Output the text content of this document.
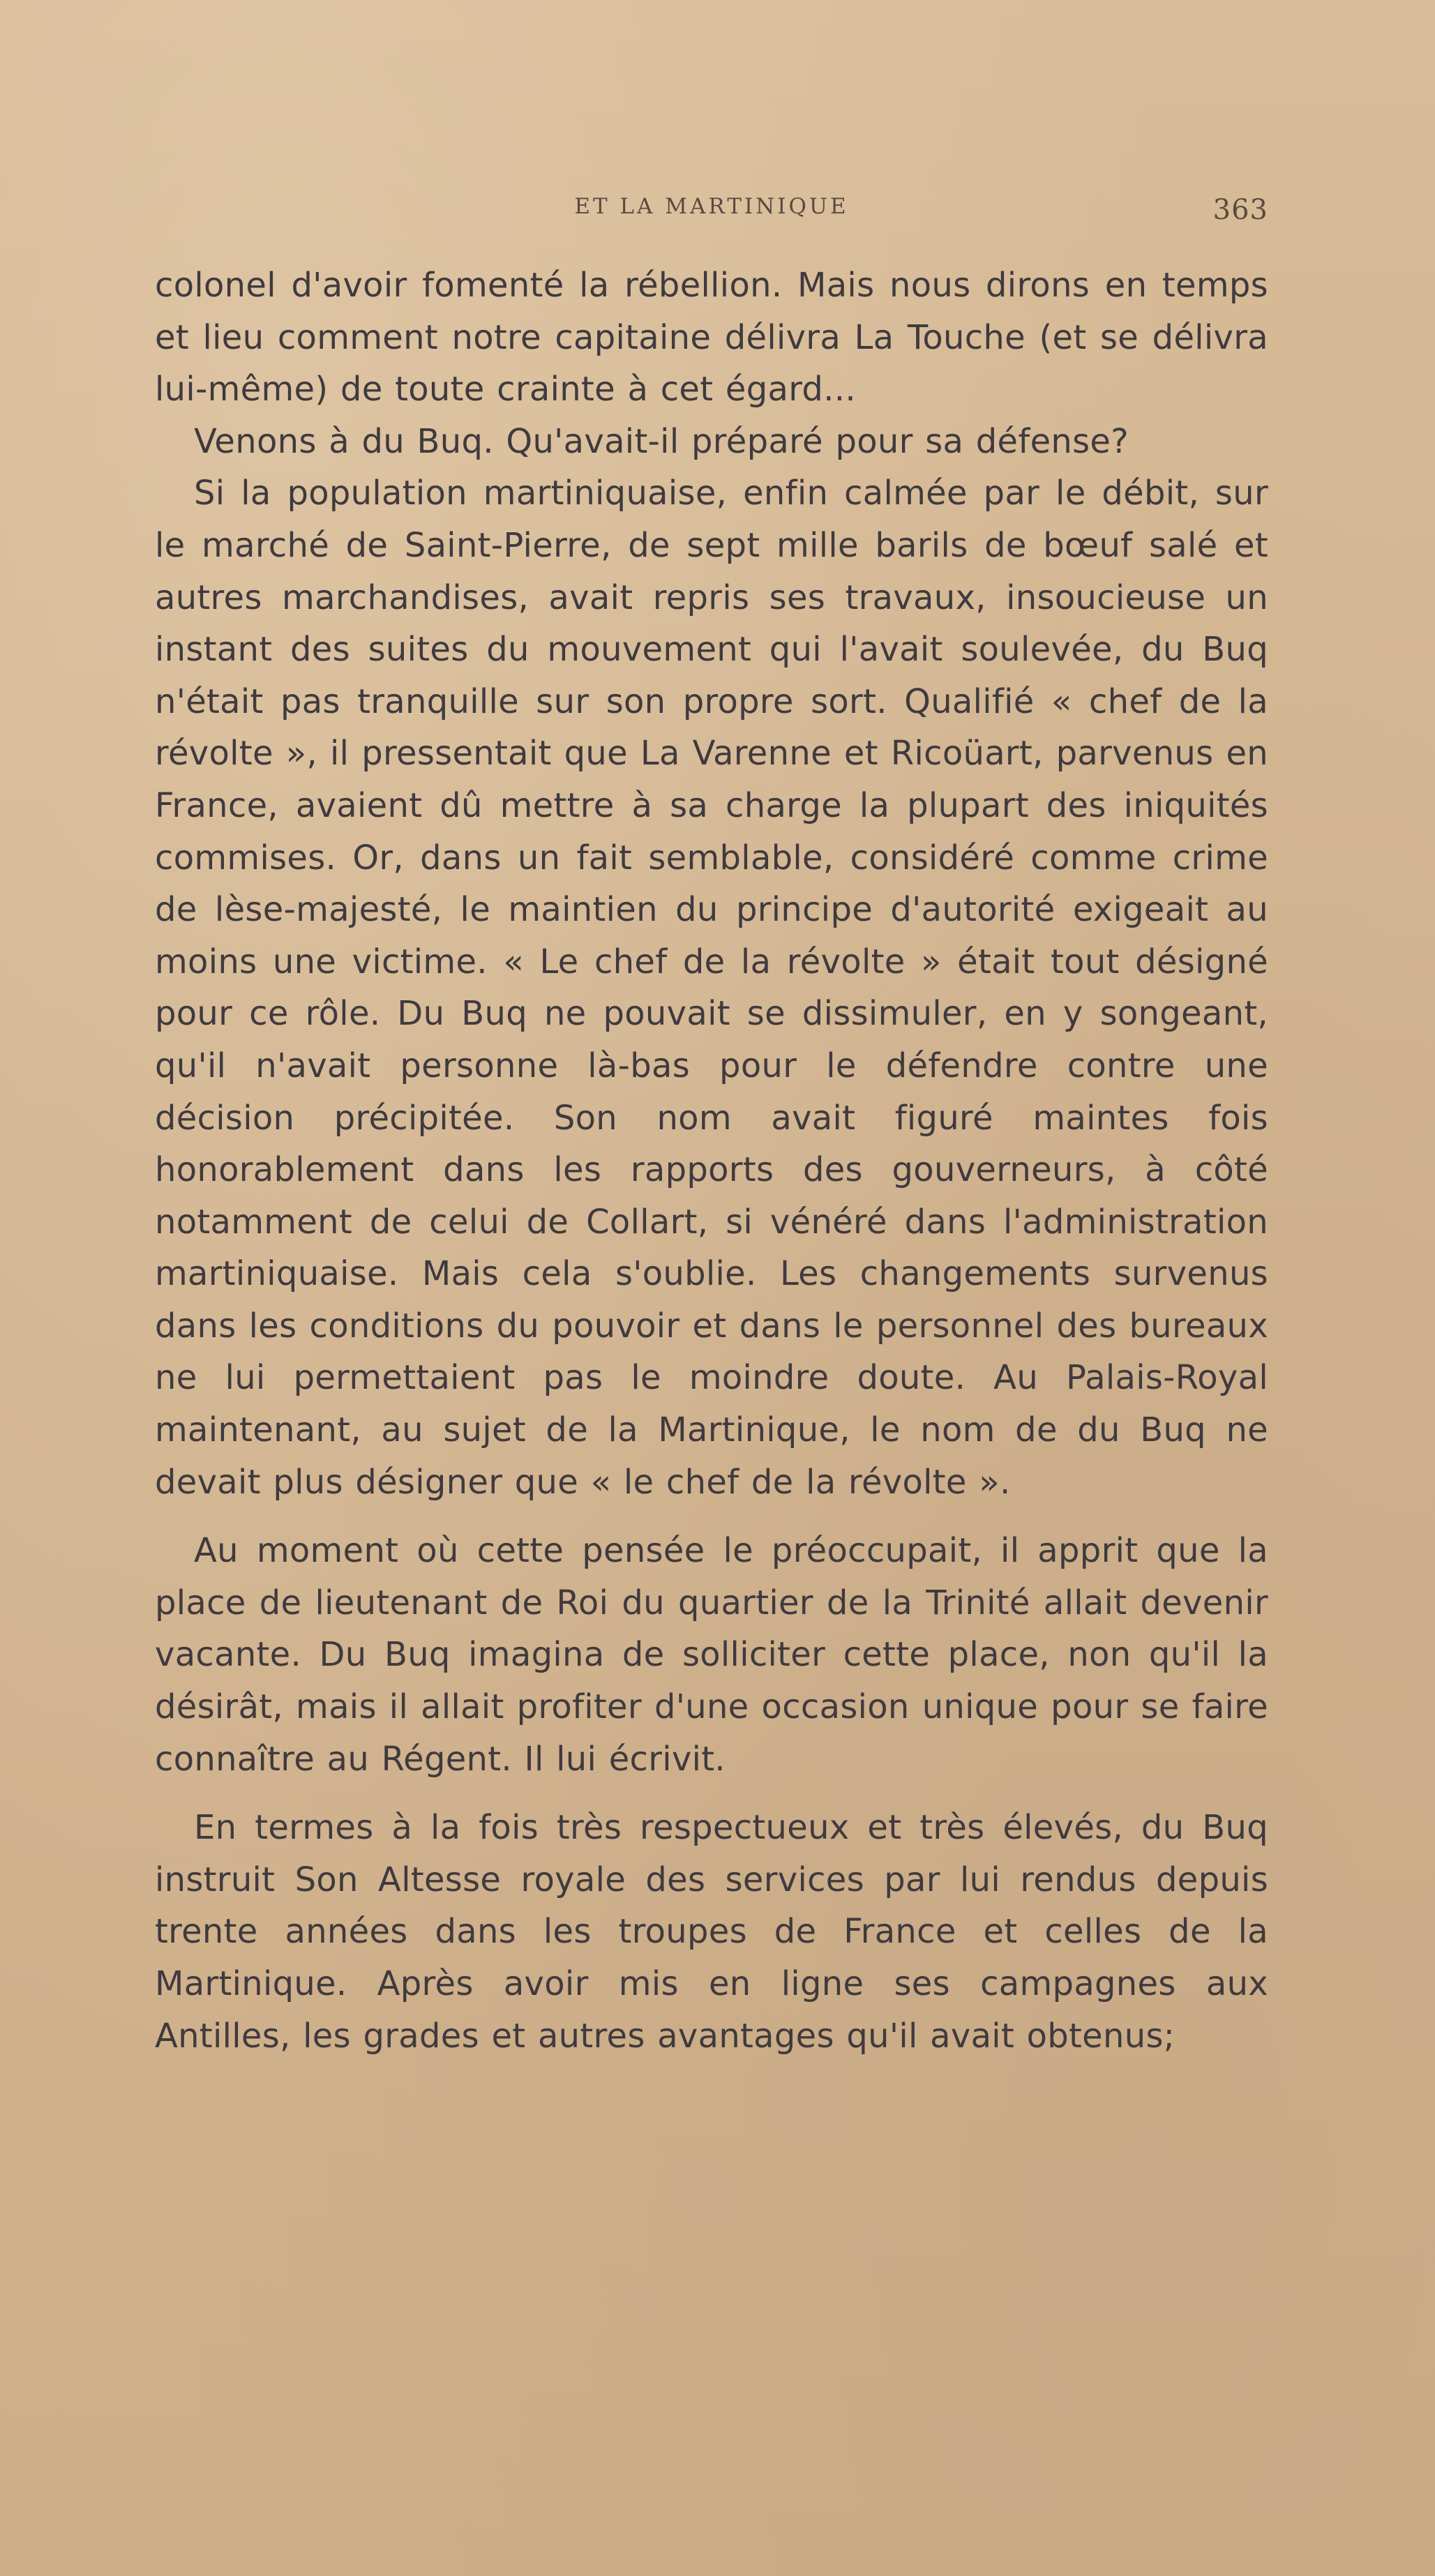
ET LA MARTINIQUE	363

colonel d'avoir fomenté la rébellion. Mais nous dirons en temps et lieu comment notre capitaine délivra La Touche (et se délivra lui-même) de toute crainte à cet égard...

Venons à du Buq. Qu'avait-il préparé pour sa défense?

Si la population martiniquaise, enfin calmée par le débit, sur le marché de Saint-Pierre, de sept mille barils de bœuf salé et autres marchandises, avait repris ses travaux, insoucieuse un instant des suites du mouvement qui l'avait soulevée, du Buq n'était pas tranquille sur son propre sort. Qualifié « chef de la révolte », il pressentait que La Varenne et Ricoüart, parvenus en France, avaient dû mettre à sa charge la plupart des iniquités commises. Or, dans un fait semblable, considéré comme crime de lèse-majesté, le maintien du principe d'autorité exigeait au moins une victime. « Le chef de la révolte » était tout désigné pour ce rôle. Du Buq ne pouvait se dissimuler, en y songeant, qu'il n'avait personne là-bas pour le défendre contre une décision précipitée. Son nom avait figuré maintes fois honorablement dans les rapports des gouverneurs, à côté notamment de celui de Collart, si vénéré dans l'administration martiniquaise. Mais cela s'oublie. Les changements survenus dans les conditions du pouvoir et dans le personnel des bureaux ne lui permettaient pas le moindre doute. Au Palais-Royal maintenant, au sujet de la Martinique, le nom de du Buq ne devait plus désigner que « le chef de la révolte ».

Au moment où cette pensée le préoccupait, il apprit que la place de lieutenant de Roi du quartier de la Trinité allait devenir vacante. Du Buq imagina de solliciter cette place, non qu'il la désirât, mais il allait profiter d'une occasion unique pour se faire connaître au Régent. Il lui écrivit.

En termes à la fois très respectueux et très élevés, du Buq instruit Son Altesse royale des services par lui rendus depuis trente années dans les troupes de France et celles de la Martinique. Après avoir mis en ligne ses campagnes aux Antilles, les grades et autres avantages qu'il avait obtenus;
